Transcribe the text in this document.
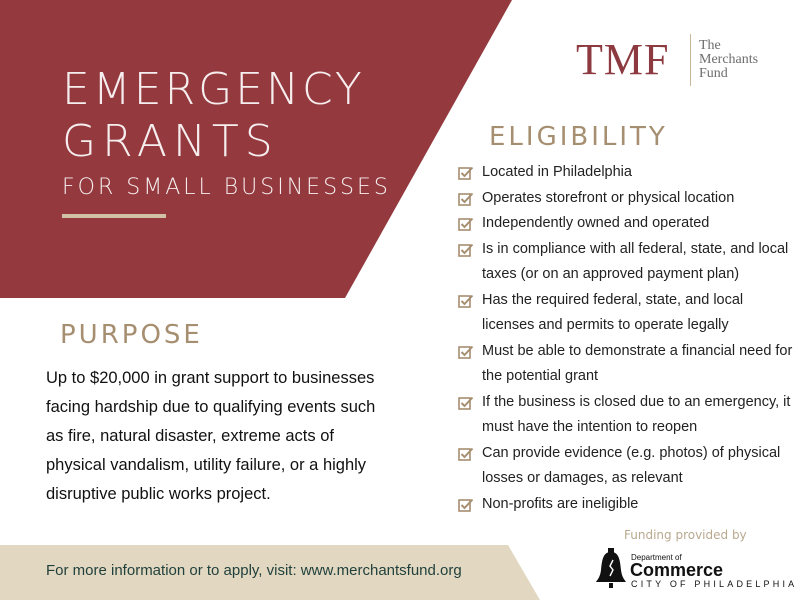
EMERGENCY
GRANTS
FOR SMALL BUSINESSES
TMF The
Merchants
Fund
ELIGIBILITY
Located in Philadelphia
Operates storefront or physical location
Independently owned and operated
Is in compliance with all federal, state, and local taxes (or on an approved payment plan)
Has the required federal, state, and local licenses and permits to operate legally
Must be able to demonstrate a financial need for the potential grant
If the business is closed due to an emergency, it must have the intention to reopen
Can provide evidence (e.g. photos) of physical losses or damages, as relevant
Non-profits are ineligible
PURPOSE
Up to $20,000 in grant support to businesses facing hardship due to qualifying events such as fire, natural disaster, extreme acts of physical vandalism, utility failure, or a highly disruptive public works project.
For more information or to apply, visit: www.merchantsfund.org
Funding provided by
Department of
Commerce
CITY OF PHILADELPHIA
